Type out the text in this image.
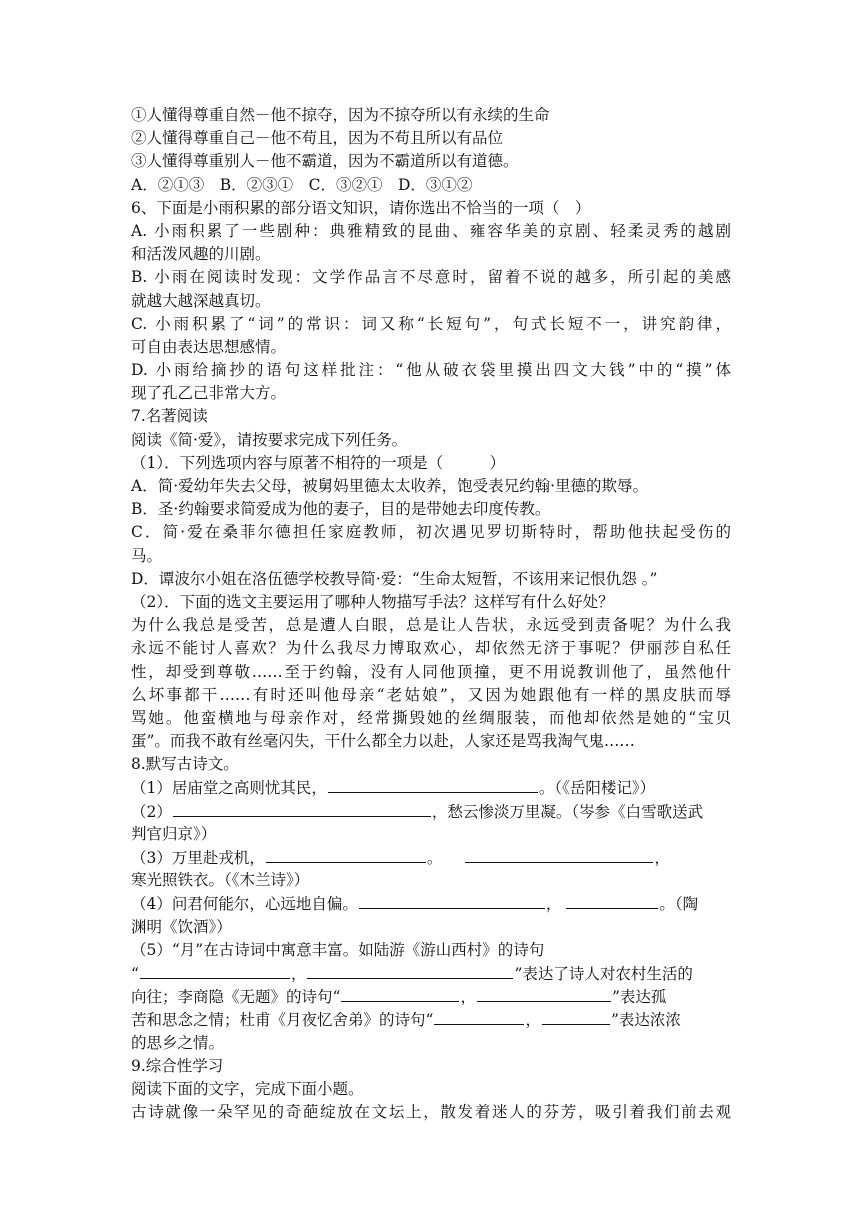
①人懂得尊重自然－他不掠夺，因为不掠夺所以有永续的生命
②人懂得尊重自己－他不苟且，因为不苟且所以有品位
③人懂得尊重别人－他不霸道，因为不霸道所以有道德。
A．②①③　B．②③①　C．③②①　D．③①②
6、下面是小雨积累的部分语文知识，请你选出不恰当的一项（　）
A. 小雨积累了一些剧种：典雅精致的昆曲、雍容华美的京剧、轻柔灵秀的越剧
和活泼风趣的川剧。
B. 小雨在阅读时发现：文学作品言不尽意时，留着不说的越多，所引起的美感
就越大越深越真切。
C. 小雨积累了“词”的常识：词又称“长短句”，句式长短不一，讲究韵律，
可自由表达思想感情。
D. 小雨给摘抄的语句这样批注：“他从破衣袋里摸出四文大钱”中的“摸”体
现了孔乙己非常大方。
7.名著阅读
阅读《简·爱》，请按要求完成下列任务。
（1）．下列选项内容与原著不相符的一项是（　　　）
A．简·爱幼年失去父母，被舅妈里德太太收养，饱受表兄约翰·里德的欺辱。
B．圣·约翰要求简爱成为他的妻子，目的是带她去印度传教。
C．简·爱在桑菲尔德担任家庭教师，初次遇见罗切斯特时，帮助他扶起受伤的
马。
D．谭波尔小姐在洛伍德学校教导简·爱：“生命太短暂，不该用来记恨仇怨 。”
（2）．下面的选文主要运用了哪种人物描写手法？这样写有什么好处？
为什么我总是受苦，总是遭人白眼，总是让人告状，永远受到责备呢？为什么我
永远不能讨人喜欢？为什么我尽力博取欢心，却依然无济于事呢？伊丽莎自私任
性，却受到尊敬……至于约翰，没有人同他顶撞，更不用说教训他了，虽然他什
么坏事都干……有时还叫他母亲“老姑娘”，又因为她跟他有一样的黑皮肤而辱
骂她。他蛮横地与母亲作对，经常撕毁她的丝绸服装，而他却依然是她的“宝贝
蛋”。而我不敢有丝毫闪失，干什么都全力以赴，人家还是骂我淘气鬼……
8.默写古诗文。
（1）居庙堂之高则忧其民，	。（《岳阳楼记》）
（2）	，愁云惨淡万里凝。（岑参《白雪歌送武
判官归京》）
（3）万里赴戎机，	。	，
寒光照铁衣。（《木兰诗》）
（4）问君何能尔，心远地自偏。	，	。（陶
渊明《饮酒》）
（5）“月”在古诗词中寓意丰富。如陆游《游山西村》的诗句
“	，	”表达了诗人对农村生活的
向往；李商隐《无题》的诗句“	，	”表达孤
苦和思念之情；杜甫《月夜忆舍弟》的诗句“	，	”表达浓浓
的思乡之情。
9.综合性学习
阅读下面的文字，完成下面小题。
古诗就像一朵罕见的奇葩绽放在文坛上，散发着迷人的芬芳，吸引着我们前去观
